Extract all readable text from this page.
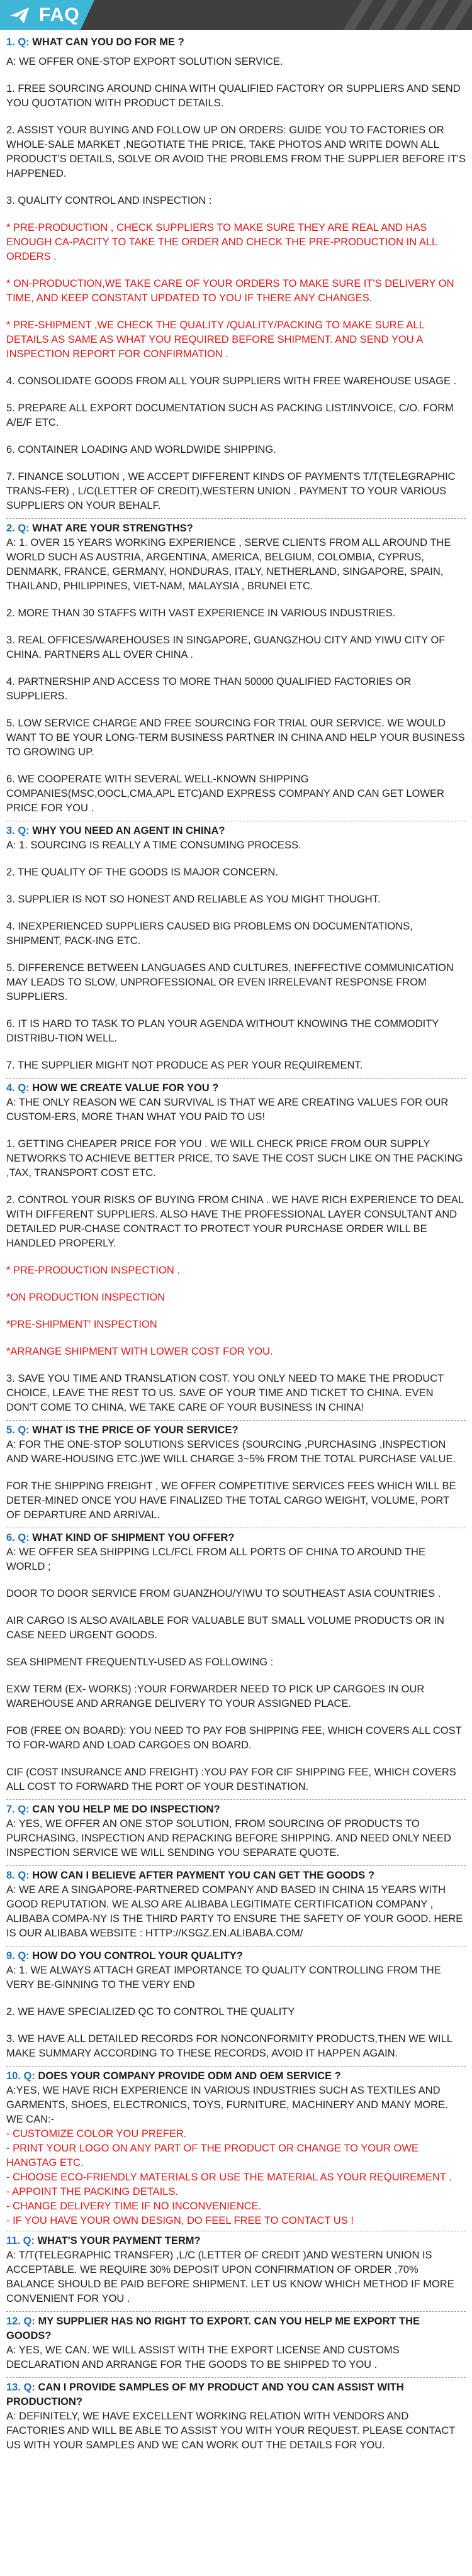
FAQ

1. Q: WHAT CAN YOU DO FOR ME ?

A: WE OFFER ONE-STOP EXPORT SOLUTION SERVICE.

1. FREE SOURCING AROUND CHINA WITH QUALIFIED FACTORY OR SUPPLIERS AND SEND YOU QUOTATION WITH PRODUCT DETAILS.

2. ASSIST YOUR BUYING AND FOLLOW UP ON ORDERS: GUIDE YOU TO FACTORIES OR WHOLE-SALE MARKET ,NEGOTIATE THE PRICE, TAKE PHOTOS AND WRITE DOWN ALL PRODUCT'S DETAILS, SOLVE OR AVOID THE PROBLEMS FROM THE SUPPLIER BEFORE IT'S HAPPENED.

3. QUALITY CONTROL AND INSPECTION :

* PRE-PRODUCTION , CHECK SUPPLIERS TO MAKE SURE THEY ARE REAL AND HAS ENOUGH CA-PACITY TO TAKE THE ORDER AND CHECK THE PRE-PRODUCTION IN ALL ORDERS .

* ON-PRODUCTION,WE TAKE CARE OF YOUR ORDERS TO MAKE SURE IT'S DELIVERY ON TIME, AND KEEP CONSTANT UPDATED TO YOU IF THERE ANY CHANGES.

* PRE-SHIPMENT ,WE CHECK THE QUALITY /QUALITY/PACKING TO MAKE SURE ALL DETAILS AS SAME AS WHAT YOU REQUIRED BEFORE SHIPMENT. AND SEND YOU A INSPECTION REPORT FOR CONFIRMATION .

4. CONSOLIDATE GOODS FROM ALL YOUR SUPPLIERS WITH FREE WAREHOUSE USAGE .

5. PREPARE ALL EXPORT DOCUMENTATION SUCH AS PACKING LIST/INVOICE, C/O. FORM A/E/F ETC.

6. CONTAINER LOADING AND WORLDWIDE SHIPPING.

7. FINANCE SOLUTION , WE ACCEPT DIFFERENT KINDS OF PAYMENTS T/T(TELEGRAPHIC TRANS-FER) , L/C(LETTER OF CREDIT),WESTERN UNION . PAYMENT TO YOUR VARIOUS SUPPLIERS ON YOUR BEHALF.

2. Q: WHAT ARE YOUR STRENGTHS?

A: 1. OVER 15 YEARS WORKING EXPERIENCE , SERVE CLIENTS FROM ALL AROUND THE WORLD SUCH AS AUSTRIA, ARGENTINA, AMERICA, BELGIUM, COLOMBIA, CYPRUS, DENMARK, FRANCE, GERMANY, HONDURAS, ITALY, NETHERLAND, SINGAPORE, SPAIN, THAILAND, PHILIPPINES, VIET-NAM, MALAYSIA , BRUNEI ETC.

2. MORE THAN 30 STAFFS WITH VAST EXPERIENCE IN VARIOUS INDUSTRIES.

3. REAL OFFICES/WAREHOUSES IN SINGAPORE, GUANGZHOU CITY AND YIWU CITY OF CHINA. PARTNERS ALL OVER CHINA .

4. PARTNERSHIP AND ACCESS TO MORE THAN 50000 QUALIFIED FACTORIES OR SUPPLIERS.

5. LOW SERVICE CHARGE AND FREE SOURCING FOR TRIAL OUR SERVICE. WE WOULD WANT TO BE YOUR LONG-TERM BUSINESS PARTNER IN CHINA AND HELP YOUR BUSINESS TO GROWING UP.

6. WE COOPERATE WITH SEVERAL WELL-KNOWN SHIPPING COMPANIES(MSC,OOCL,CMA,APL ETC)AND EXPRESS COMPANY AND CAN GET LOWER PRICE FOR YOU .

3. Q: WHY YOU NEED AN AGENT IN CHINA?

A: 1. SOURCING IS REALLY A TIME CONSUMING PROCESS.

2. THE QUALITY OF THE GOODS IS MAJOR CONCERN.

3. SUPPLIER IS NOT SO HONEST AND RELIABLE AS YOU MIGHT THOUGHT.

4. INEXPERIENCED SUPPLIERS CAUSED BIG PROBLEMS ON DOCUMENTATIONS, SHIPMENT, PACK-ING ETC.

5. DIFFERENCE BETWEEN LANGUAGES AND CULTURES, INEFFECTIVE COMMUNICATION MAY LEADS TO SLOW, UNPROFESSIONAL OR EVEN IRRELEVANT RESPONSE FROM SUPPLIERS.

6. IT IS HARD TO TASK TO PLAN YOUR AGENDA WITHOUT KNOWING THE COMMODITY DISTRIBU-TION WELL.

7. THE SUPPLIER MIGHT NOT PRODUCE AS PER YOUR REQUIREMENT.

4. Q: HOW WE CREATE VALUE FOR YOU ?

A: THE ONLY REASON WE CAN SURVIVAL IS THAT WE ARE CREATING VALUES FOR OUR CUSTOM-ERS, MORE THAN WHAT YOU PAID TO US!

1. GETTING CHEAPER PRICE FOR YOU . WE WILL CHECK PRICE FROM OUR SUPPLY NETWORKS TO ACHIEVE BETTER PRICE, TO SAVE THE COST SUCH LIKE ON THE PACKING ,TAX, TRANSPORT COST ETC.

2. CONTROL YOUR RISKS OF BUYING FROM CHINA . WE HAVE RICH EXPERIENCE TO DEAL WITH DIFFERENT SUPPLIERS. ALSO HAVE THE PROFESSIONAL LAYER CONSULTANT AND DETAILED PUR-CHASE CONTRACT TO PROTECT YOUR PURCHASE ORDER WILL BE HANDLED PROPERLY.

* PRE-PRODUCTION INSPECTION .

*ON PRODUCTION INSPECTION

*PRE-SHIPMENT' INSPECTION

*ARRANGE SHIPMENT WITH LOWER COST FOR YOU.

3. SAVE YOU TIME AND TRANSLATION COST. YOU ONLY NEED TO MAKE THE PRODUCT CHOICE, LEAVE THE REST TO US. SAVE OF YOUR TIME AND TICKET TO CHINA. EVEN DON'T COME TO CHINA, WE TAKE CARE OF YOUR BUSINESS IN CHINA!

5. Q: WHAT IS THE PRICE OF YOUR SERVICE?

A: FOR THE ONE-STOP SOLUTIONS SERVICES (SOURCING ,PURCHASING ,INSPECTION AND WARE-HOUSING ETC.)WE WILL CHARGE 3~5% FROM THE TOTAL PURCHASE VALUE.

FOR THE SHIPPING FREIGHT , WE OFFER COMPETITIVE SERVICES FEES WHICH WILL BE DETER-MINED ONCE YOU HAVE FINALIZED THE TOTAL CARGO WEIGHT, VOLUME, PORT OF DEPARTURE AND ARRIVAL.

6. Q: WHAT KIND OF SHIPMENT YOU OFFER?

A: WE OFFER SEA SHIPPING LCL/FCL FROM ALL PORTS OF CHINA TO AROUND THE WORLD ;

DOOR TO DOOR SERVICE FROM GUANZHOU/YIWU TO SOUTHEAST ASIA COUNTRIES .

AIR CARGO IS ALSO AVAILABLE FOR VALUABLE BUT SMALL VOLUME PRODUCTS OR IN CASE NEED URGENT GOODS.

SEA SHIPMENT FREQUENTLY-USED AS FOLLOWING :

EXW TERM (EX- WORKS) :YOUR FORWARDER NEED TO PICK UP CARGOES IN OUR WAREHOUSE AND ARRANGE DELIVERY TO YOUR ASSIGNED PLACE.

FOB (FREE ON BOARD): YOU NEED TO PAY FOB SHIPPING FEE, WHICH COVERS ALL COST TO FOR-WARD AND LOAD CARGOES ON BOARD.

CIF (COST INSURANCE AND FREIGHT) :YOU PAY FOR CIF SHIPPING FEE, WHICH COVERS ALL COST TO FORWARD THE PORT OF YOUR DESTINATION.

7. Q: CAN YOU HELP ME DO INSPECTION?

A: YES, WE OFFER AN ONE STOP SOLUTION, FROM SOURCING OF PRODUCTS TO PURCHASING, INSPECTION AND REPACKING BEFORE SHIPPING. AND NEED ONLY NEED INSPECTION SERVICE WE WILL SENDING YOU SEPARATE QUOTE.

8. Q: HOW CAN I BELIEVE AFTER PAYMENT YOU CAN GET THE GOODS ?

A: WE ARE A SINGAPORE-PARTNERED COMPANY AND BASED IN CHINA 15 YEARS WITH GOOD REPUTATION. WE ALSO ARE ALIBABA LEGITIMATE CERTIFICATION COMPANY , ALIBABA COMPA-NY IS THE THIRD PARTY TO ENSURE THE SAFETY OF YOUR GOOD. HERE IS OUR ALIBABA WEBSITE : HTTP://KSGZ.EN.ALIBABA.COM/

9. Q: HOW DO YOU CONTROL YOUR QUALITY?

A: 1. WE ALWAYS ATTACH GREAT IMPORTANCE TO QUALITY CONTROLLING FROM THE VERY BE-GINNING TO THE VERY END

2. WE HAVE SPECIALIZED QC TO CONTROL THE QUALITY

3. WE HAVE ALL DETAILED RECORDS FOR NONCONFORMITY PRODUCTS,THEN WE WILL MAKE SUMMARY ACCORDING TO THESE RECORDS, AVOID IT HAPPEN AGAIN.

10. Q: DOES YOUR COMPANY PROVIDE ODM AND OEM SERVICE ?

A:YES, WE HAVE RICH EXPERIENCE IN VARIOUS INDUSTRIES SUCH AS TEXTILES AND GARMENTS, SHOES, ELECTRONICS, TOYS, FURNITURE, MACHINERY AND MANY MORE.

WE CAN:-

- CUSTOMIZE COLOR YOU PREFER.

- PRINT YOUR LOGO ON ANY PART OF THE PRODUCT OR CHANGE TO YOUR OWE HANGTAG ETC.

- CHOOSE ECO-FRIENDLY MATERIALS OR USE THE MATERIAL AS YOUR REQUIREMENT .

- APPOINT THE PACKING DETAILS.

- CHANGE DELIVERY TIME IF NO INCONVENIENCE.

- IF YOU HAVE YOUR OWN DESIGN, DO FEEL FREE TO CONTACT US !

11. Q: WHAT'S YOUR PAYMENT TERM?

A: T/T(TELEGRAPHIC TRANSFER) ,L/C (LETTER OF CREDIT )AND WESTERN UNION IS ACCEPTABLE. WE REQUIRE 30% DEPOSIT UPON CONFIRMATION OF ORDER ,70% BALANCE SHOULD BE PAID BEFORE SHIPMENT. LET US KNOW WHICH METHOD IF MORE CONVENIENT FOR YOU .

12. Q: MY SUPPLIER HAS NO RIGHT TO EXPORT. CAN YOU HELP ME EXPORT THE GOODS?

A: YES, WE CAN. WE WILL ASSIST WITH THE EXPORT LICENSE AND CUSTOMS DECLARATION AND ARRANGE FOR THE GOODS TO BE SHIPPED TO YOU .

13. Q: CAN I PROVIDE SAMPLES OF MY PRODUCT AND YOU CAN ASSIST WITH PRODUCTION?

A: DEFINITELY, WE HAVE EXCELLENT WORKING RELATION WITH VENDORS AND FACTORIES AND WILL BE ABLE TO ASSIST YOU WITH YOUR REQUEST. PLEASE CONTACT US WITH YOUR SAMPLES AND WE CAN WORK OUT THE DETAILS FOR YOU.
